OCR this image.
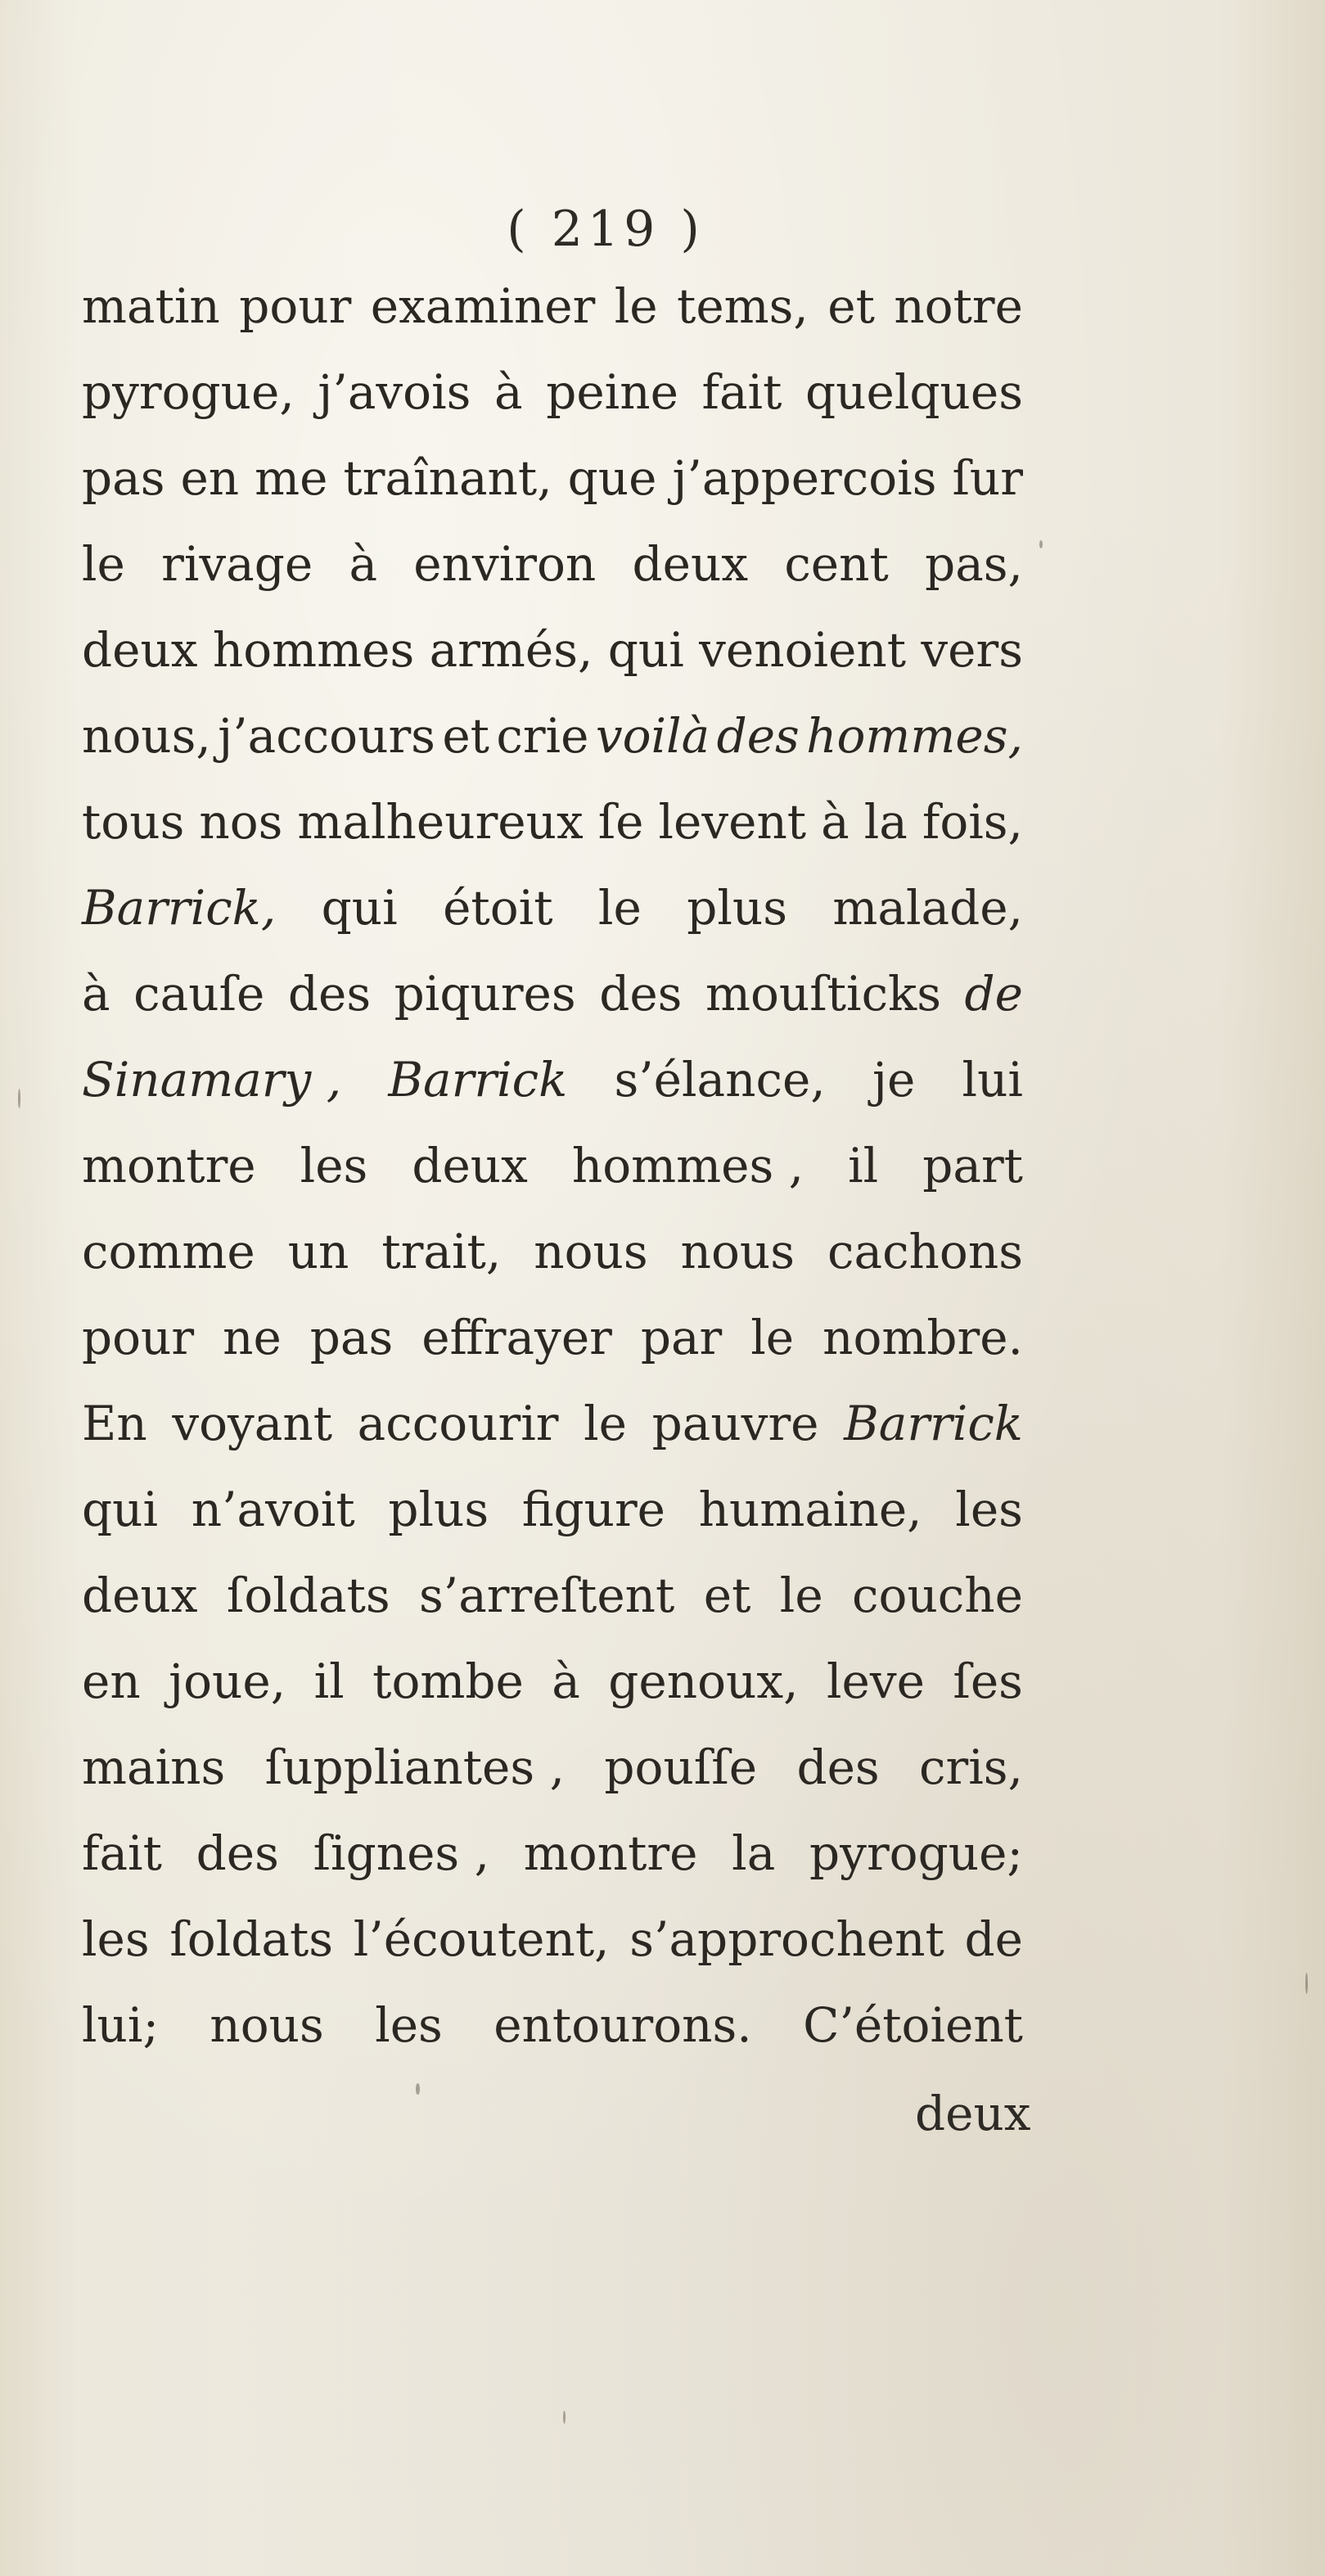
( 219 )
matin pour examiner le tems, et notre
pyrogue, j’avois à peine fait quelques
pas en me traînant, que j’appercois ſur
le rivage à environ deux cent pas,
deux hommes armés, qui venoient vers
nous, j’accours et crie voilà des hommes,
tous nos malheureux ſe levent à la fois,
Barrick, qui étoit le plus malade,
à cauſe des piqures des mouſticks de
Sinamary , Barrick s’élance, je lui
montre les deux hommes , il part
comme un trait, nous nous cachons
pour ne pas effrayer par le nombre.
En voyant accourir le pauvre Barrick
qui n’avoit plus figure humaine, les
deux ſoldats s’arreſtent et le couche
en joue, il tombe à genoux, leve ſes
mains ſuppliantes , pouſſe des cris,
fait des ſignes , montre la pyrogue;
les ſoldats l’écoutent, s’approchent de
lui; nous les entourons. C’étoient
deux
